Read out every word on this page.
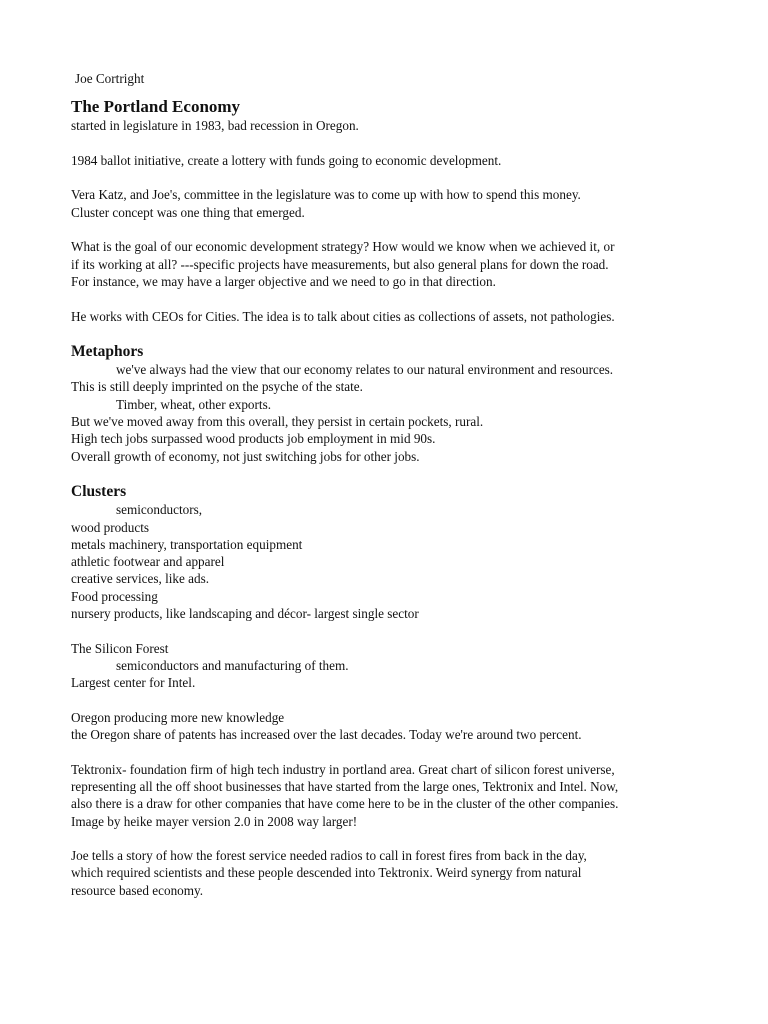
Joe Cortright
The Portland Economy
started in legislature in 1983, bad recession in Oregon.
1984 ballot initiative, create a lottery with funds going to economic development.
Vera Katz, and Joe's, committee in the legislature was to come up with how to spend this money.
Cluster concept was one thing that emerged.
What is the goal of our economic development strategy? How would we know when we achieved it, or
if its working at all? ---specific projects have measurements, but also general plans for down the road.
For instance, we may have a larger objective and we need to go in that direction.
He works with CEOs for Cities. The idea is to talk about cities as collections of assets, not pathologies.
Metaphors
we've always had the view that our economy relates to our natural environment and resources.
This is still deeply imprinted on the psyche of the state.
Timber, wheat, other exports.
But we've moved away from this overall, they persist in certain pockets, rural.
High tech jobs surpassed wood products job employment in mid 90s.
Overall growth of economy, not just switching jobs for other jobs.
Clusters
semiconductors,
wood products
metals machinery, transportation equipment
athletic footwear and apparel
creative services, like ads.
Food processing
nursery products, like landscaping and décor- largest single sector
The Silicon Forest
semiconductors and manufacturing of them.
Largest center for Intel.
Oregon producing more new knowledge
the Oregon share of patents has increased over the last decades. Today we're around two percent.
Tektronix- foundation firm of high tech industry in portland area. Great chart of silicon forest universe,
representing all the off shoot businesses that have started from the large ones, Tektronix and Intel. Now,
also there is a draw for other companies that have come here to be in the cluster of the other companies.
Image by heike mayer version 2.0 in 2008 way larger!
Joe tells a story of how the forest service needed radios to call in forest fires from back in the day,
which required scientists and these people descended into Tektronix. Weird synergy from natural
resource based economy.
